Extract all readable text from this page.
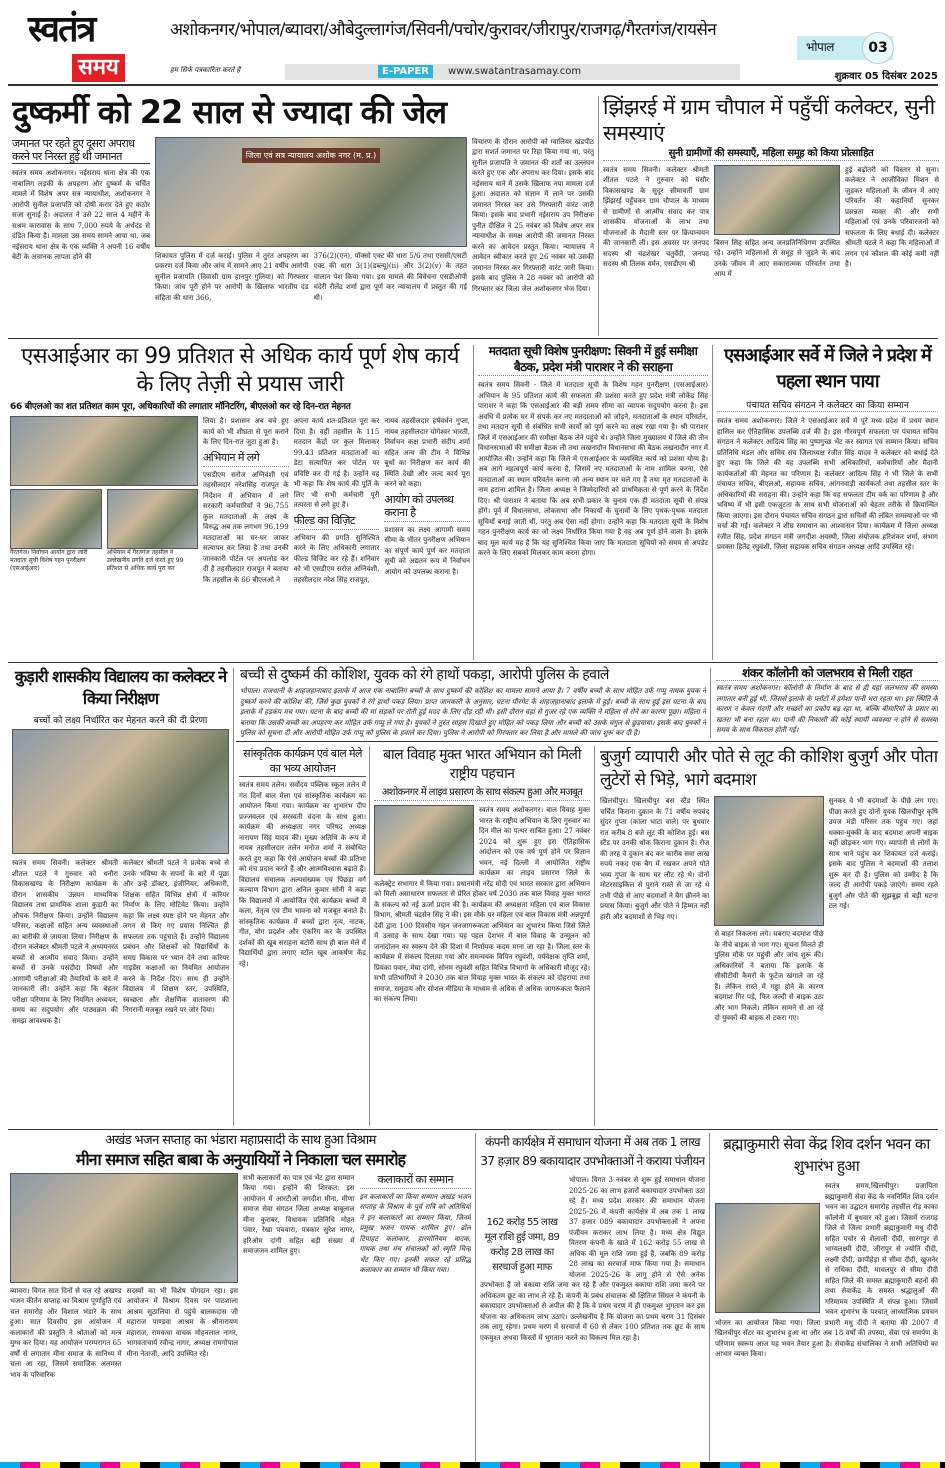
स्वतंत्र
समय
अशोकनगर/भोपाल/ब्यावरा/औबेदुल्लागंज/सिवनी/पचोर/कुरावर/जीरापुर/राजगढ़/गैरतगंज/रायसेन
हम सिर्फ पत्रकारिता करते है	E-PAPER	www.swatantrasamay.com
भोपाल	03
शुक्रवार 05 दिसंबर 2025
दुष्कर्मी को 22 साल से ज्यादा की जेल
जमानत पर रहते हुए दूसरा अपराध करने पर निरस्त हुई थी जमानत
स्वतंत्र समय अशोकनगर। नईसराय थाना क्षेत्र की एक नाबालिग लड़की के अपहरण और दुष्कर्म के चर्चित मामले में विशेष अपर सत्र न्यायाधीश, अशोकनगर ने आरोपी सुनील प्रजापति को दोषी करार देते हुए कठोर सजा सुनाई है। अदालत ने उसे 22 साल 4 महीने के सश्रम कारावास के साथ 7,000 रुपये के अर्थदंड से दंडित किया है। मामला उस समय सामने आया था, जब नईसराय थाना क्षेत्र के एक व्यक्ति ने अपनी 16 वर्षीय बेटी के अचानक लापता होने की
जिला एवं सत्र न्यायालय अशोक नगर (म. प्र.)
शिकायत पुलिस में दर्ज कराई। पुलिस ने तुरंत अपहरण का प्रकरण दर्ज किया और जांच में सामने आए 21 वर्षीय आरोपी सुनील प्रजापति (निवासी ग्राम हानपुर गुलिया) को गिरफ्तार किया। जांच पूरी होने पर आरोपी के खिलाफ भारतीय दंड संहिता की धारा 366,
376(2)(एन), पॉक्सो एक्ट की धारा 5/6 तथा एससी/एसटी एक्ट की धारा 3(1)(डब्ल्यू)(ii) और 3(2)(v) के तहत चालान पेश किया गया। इस मामले की विवेचना एसडीओपी चंदेरी रौलेंद्र शर्मा द्वारा पूर्ण कर न्यायालय में प्रस्तुत की गई थी।
विचारण के दौरान आरोपी को ग्वालियर खंडपीठ द्वारा सशर्त जमानत पर रिहा किया गया था, परंतु सुनील प्रजापति ने जमानत की शर्तों का उल्लंघन करते हुए एक और अपराध कर दिया। इसके बाद नईसराय थाने में उसके खिलाफ नया मामला दर्ज हुआ। अदालत को संज्ञान में लाने पर उसकी जमानत निरस्त कर उसे गिरफ्तारी वारंट जारी किया। इसके बाद प्रभारी नईसराय उप निरीक्षक पुनीत दीक्षित ने 25 नवंबर को विशेष अपर सत्र न्यायाधीश के समक्ष आरोपी की जमानत निरस्त करने का आवेदन प्रस्तुत किया। न्यायालय ने आवेदन स्वीकार करते हुए 26 नवंबर को उसकी जमानत निरस्त कर गिरफ्तारी वारंट जारी किया। इसके बाद पुलिस ने 28 नवंबर को आरोपी को गिरफ्तार कर जिला जेल अशोकनगर भेज दिया।
झिंझरई में ग्राम चौपाल में पहुँचीं कलेक्टर, सुनी समस्याएं
सुनी ग्रामीणों की समस्याएँ, महिला समूह को किया प्रोत्साहित
स्वतंत्र समय सिवनी। कलेक्टर श्रीमती शीतल पटले ने गुरुवार को घंसौर विकासखण्ड के सुदूर सीमावर्ती ग्राम झिंझरई पहुँचकर ग्राम चौपाल के माध्यम से ग्रामीणों से आत्मीय संवाद कर पात्र शासकीय योजनाओं के लाभ तथा योजनाओं के मैदानी स्तर पर क्रियान्वयन की जानकारी ली। इस अवसर पर जनपद सदस्य श्री चंद्रशेखर चतुर्वेदी, जनपद सदस्य श्री तिलक वर्मन, एसडीएम श्री
बिसन सिंह सहित अन्य जनप्रतिनिधिगण उपस्थित रहे। उन्होंने महिलाओं से समूह से जुड़ने के बाद उनके जीवन में आए सकारात्मक परिवर्तन तथा आय में
हुई बढ़ोतरी को विस्तार से सुना। कलेक्टर ने आजीविका मिशन से जुड़कर महिलाओं के जीवन में आए परिवर्तन की कहानियाँ सुनकर प्रसन्नता व्यक्त की और सभी महिलाओं एवं उनके परिवारजनों को सफलता के लिए बधाई दी। कलेक्टर श्रीमती पटले ने कहा कि महिलाओं में लगन एवं कौशल की कोई कमी नहीं है।
एसआईआर का 99 प्रतिशत से अधिक कार्य पूर्ण शेष कार्य के लिए तेज़ी से प्रयास जारी
66 बीएलओ का शत प्रतिशत काम पूरा, अधिकारियों की लगातार मॉनिटरिंग, बीएलओ कर रहे दिन-रात मेहनत
गैरतगंज। निर्वाचन आयोग द्वारा जारी मतदाता सूची विशेष गहन पुनरीक्षण (एसआईआर)
अभियान में गैरतगंज तहसील ने उल्लेखनीय प्रगति दर्ज करते हुए 99 प्रतिशत से अधिक कार्य पूरा कर
लिया है। प्रशासन अब बचे हुए कार्य को भी शीघ्रता से पूरा कराने के लिए दिन-रात जुटा हुआ है।
अभियान में लगे
एसडीएम सरोज अग्निवंशी एवं तहसीलदार नरेशसिंह राजपूत के निर्देशन में अभियान में लगे सरकारी कर्मचारियों ने 96,755 कुल मतदाताओं के लक्ष्य के विरुद्ध अब तक लगभग 96,199 मतदाताओं का घर-घर जाकर सत्यापन कर लिया है तथा उनकी जानकारी पोर्टल पर अपलोड कर दी है तहसीलदार राजपूत ने बताया कि तहसील के 66 बीएलओ ने
अपना कार्य शत-प्रतिशत पूरा कर दिया है। वहीं तहसील के 115 मतदान केंद्रों पर कुल मिलाकर 99.43 प्रतिशत मतदाताओं का डेटा सत्यापित कर पोर्टल पर प्रविष्टि कर दी गई है। उन्होंने यह भी कहा कि शेष कार्य की पूर्ति के लिए भी सभी कर्मचारी पूरी तत्परता से लगे हुए हैं।
फील्ड का विज़िट
अभियान की प्रगति सुनिश्चित करने के लिए अधिकारी लगातार फील्ड विजिट कर रहे हैं। शनिवार को भी एसडीएम सरोज अग्निवंशी, तहसीलदार नरेश सिंह राजपूत,
नायब तहसीलदार हर्षवर्धन गुप्ता, नायब तहसीलदार योगेश्वर भारती, निर्वाचन कक्ष प्रभारी संदीप शर्मा सहित अन्य की टीम ने विभिन्न बूथों का निरीक्षण कर कार्य की स्थिति देखी और जल्द कार्य पूरा करने को कहा।
आयोग को उपलब्ध कराना है
प्रशासन का लक्ष्य आगामी समय सीमा के भीतर पुनरीक्षण अभियान का संपूर्ण कार्य पूर्ण कर मतदाता सूची को अद्यतन रूप में निर्वाचन आयोग को उपलब्ध कराना है।
मतदाता सूची विशेष पुनरीक्षण: सिवनी में हुई समीक्षा बैठक, प्रदेश मंत्री पाराशर ने की सराहना
स्वतंत्र समय सिवनी - जिले में मतदाता सूची के विशेष गहन पुनरीक्षण (एसआईआर) अभियान के 95 प्रतिशत कार्य की सफलता की प्रशंसा करते हुए प्रदेश मंत्री लोकेंद्र सिंह पाराशर ने कहा कि एसआईआर की बड़ी समय सीमा का व्यापक सदुपयोग करना है। इस अवधि में प्रत्येक घर में संपर्क कर नए मतदाताओं को जोड़ने, मतदाताओं के स्थान परिवर्तन, तथा मतदान सूची से संबंधित सभी कार्यों को पूर्ण करने का लक्ष्य रखा गया है। श्री पाराशर जिले में एसआईआर की समीक्षा बैठक लेने पहुंचे थे। उन्होंने जिला मुख्यालय में जिले की तीन विधानसभाओं की समीक्षा बैठक ली तथा लखनादौन विधानसभा की बैठक लखनादौन नगर में आयोजित की। उन्होंने कहा कि जिले में एसआईआर के व्यवस्थित कार्य को प्रशंसा योग्य है। अब आगे महत्वपूर्ण कार्य करना है, जिसमें नए मतदाताओं के नाम शामिल करना, ऐसे मतदाताओं का स्थान परिवर्तन करना जो अन्य स्थान पर चले गए हैं तथा मृत मतदाताओं के नाम हटाना शामिल है। जिला अध्यक्ष ने जिम्मेदारियों को प्राथमिकता से पूर्ण करने के निर्देश दिए। श्री पाराशर ने बताया कि अब सभी प्रकार के चुनाव एक ही मतदाता सूची से संपन्न होंगे। पूर्व में विधानसभा, लोकसभा और निकायों के चुनावों के लिए पृथक-पृथक मतदाता सूचियाँ बनाई जाती थीं, परंतु अब ऐसा नहीं होगा। उन्होंने कहा कि मतदाता सूची के विशेष गहन पुनरीक्षण कार्य का जो लक्ष्य निर्धारित किया गया है वह अब पूर्ण होने वाला है। इसके बाद मूल कार्य यह है कि यह सुनिश्चित किया जाए कि मतदाता सूचियों को समय से अपडेट करने के लिए सबको मिलकर काम करना होगा।
एसआईआर सर्वे में जिले ने प्रदेश में पहला स्थान पाया
पंचायत सचिव संगठन ने कलेक्टर का किया सम्मान
स्वतंत्र समय अशोकनगर। जिले ने एसआईआर सर्वे में पूरे मध्य प्रदेश में प्रथम स्थान हासिल कर ऐतिहासिक उपलब्धि दर्ज की है। इस गौरवपूर्ण सफलता पर पंचायत सचिव संगठन ने कलेक्टर आदित्य सिंह का पुष्पगुच्छ भेंट कर स्वागत एवं सम्मान किया। सचिव प्रतिनिधि मंडल और सचिव संघ जिलाध्यक्ष रंजीत सिंह यादव ने कलेक्टर को बधाई देते हुए कहा कि जिले की यह उपलब्धि सभी अधिकारियों, कर्मचारियों और मैदानी कार्यकर्ताओं की मेहनत का परिणाम है। कलेक्टर आदित्य सिंह ने भी जिले के सभी पंचायत सचिव, बीएलओ, सहायक सचिव, आंगनवाड़ी कार्यकर्ता तथा तहसील स्तर के अधिकारियों की सराहना की। उन्होंने कहा कि यह सफलता टीम वर्क का परिणाम है और भविष्य में भी इसी एकजुटता के साथ सभी योजनाओं को बेहतर तरीके से क्रियान्वित किया जाएगा। इस दौरान पंचायत सचिव संगठन द्वारा सचिवों की लंबित समस्याओं पर भी चर्चा की गई। कलेक्टर ने शीघ्र समाधान का आश्वासन दिया। कार्यक्रम में जिला अध्यक्ष रंजीत सिंह, प्रदेश संगठन मंत्री जगदीश अवस्थी, जिला संयोजक हरिशंकर शर्मा, संभाग प्रवक्ता हितेंद्र रघुवंशी, जिला सहायक सचिव संगठन अध्यक्ष आदि उपस्थित रहे।
कुड़ारी शासकीय विद्यालय का कलेक्टर ने किया निरीक्षण
बच्चों को लक्ष्य निर्धारित कर मेहनत करने की दी प्रेरणा
स्वतंत्र समय सिवनी। कलेक्टर श्रीमती शीतल पटले ने गुरुवार को धनौरा विकासखण्ड के निरीक्षण कार्यक्रम के दौरान शासकीय उन्नयन माध्यमिक विद्यालय तथा प्राथमिक शाला कुड़ारी का औचक निरीक्षण किया। उन्होंने विद्यालय परिसर, कक्षाओं सहित अन्य व्यवस्थाओं का बारीकी से जायजा लिया। निरीक्षण के दौरान कलेक्टर श्रीमती पटले ने अध्ययनरत बच्चों से आत्मीय संवाद किया। उन्होंने बच्चों से उनके पसंदीदा विषयों और आगामी परीक्षाओं की तैयारियों के बारे में जानकारी ली। उन्होंने कहा कि बेहतर परीक्षा परिणाम के लिए नियमित अध्ययन, समय का सदुपयोग और पाठ्यक्रम की समझ आवश्यक है।
कलेक्टर श्रीमती पटले ने प्रत्येक बच्चे से उनके भविष्य के सपनों के बारे में पूछा और उन्हें डॉक्टर, इंजीनियर, अधिकारी, शिक्षक सहित विभिन्न क्षेत्रों में करियर निर्माण के लिए मोटिवेट किया। उन्होंने कहा कि लक्ष्य स्पष्ट होने पर मेहनत और लगन से किए गए प्रयास निश्चित ही सफलता तक पहुंचाते हैं। उन्होंने विद्यालय प्रबंधन और शिक्षकों को विद्यार्थियों के समग्र विकास पर ध्यान देने तथा करियर गाइडेंस कक्षाओं का नियमित आयोजन करने के निर्देश दिए। साथ ही उन्होंने विद्यालय में शिक्षण स्तर, उपस्थिति, स्वच्छता और शैक्षणिक वातावरण की निगरानी मजबूत रखने पर जोर दिया।
बच्ची से दुष्कर्म की कोशिश, युवक को रंगे हाथों पकड़ा, आरोपी पुलिस के हवाले
भोपाल। राजधानी के शाहजहानाबाद इलाके में आज एक नाबालिग बच्ची के साथ दुष्कर्म की कोशिश का मामला सामने आया है। 7 वर्षीय बच्ची के साथ मोहित उर्फ गप्पू नामक युवक ने दुष्कर्म करने की कोशिश की, जिसे कुछ युवकों ने रंगे हाथों पकड़ लिया। प्राप्त जानकारी के अनुसार, घटना पीरगेट के शाहजहानाबाद इलाके में हुई। बच्ची के साथ हुई इस घटना के बाद इलाके में हड़कंप मच गया। घटना के बाद बच्ची की मां सड़कों पर रोती हुई मदद के लिए दौड़ रही थी। इसी दौरान वहां से गुजर रहे एक व्यक्ति ने महिला से रोने का कारण पूछा। महिला ने बताया कि उसकी बच्ची का अपहरण कर मोहित उर्फ गप्पू ले गया है। युवकों ने तुरंत साहस दिखाते हुए मोहित को पकड़ लिया और बच्ची को उसके चंगुल से छुड़वाया। इसके बाद युवकों ने पुलिस को सूचना दी और आरोपी मोहित उर्फ गप्पू को पुलिस के हवाले कर दिया। पुलिस ने आरोपी को गिरफ्तार कर लिया है और मामले की जांच शुरू कर दी है।
शंकर कॉलोनी को जलभराव से मिली राहत
स्वतंत्र समय अशोकनगर। कॉलोनी के निर्माण के बाद से ही यहां जलभराव की समस्या लगातार बनी हुई थी, जिससे इलाके के प्लॉटों में हमेशा पानी भरा रहता था। इस स्थिति के कारण न केवल गंदगी और मच्छरों का प्रकोप बढ़ रहा था, बल्कि बीमारियों के प्रसार का खतरा भी बना रहता था। पानी की निकासी की कोई स्थायी व्यवस्था न होने से समस्या समय के साथ विकराल होती गई।
सांस्कृतिक कार्यक्रम एवं बाल मेले का भव्य आयोजन
स्वतंत्र समय तलेन। सर्वोदय पब्लिक स्कूल तलेन में गत दिनों बाल मेला एवं सांस्कृतिक कार्यक्रम का आयोजन किया गया। कार्यक्रम का शुभारंभ दीप प्रज्जवलन एवं सरस्वती वंदना के साथ हुआ। कार्यक्रम की अध्यक्षता नगर परिषद अध्यक्ष नारायण सिंह यादव की। मुख्य अतिथि के रूप में नायब तहसीलदार तलेन मनोज शर्मा ने संबोधित करते हुए कहा कि ऐसे आयोजन बच्चों की प्रतिभा को मंच प्रदान करते हैं और आत्मविश्वास बढ़ाते हैं। विद्यालय संचालक अल्पसंख्यक एवं पिछड़ा वर्ग कल्याण विभाग द्वारा अनिल कुमार सोनी ने कहा कि विद्यालयों में आयोजित ऐसे कार्यक्रम बच्चों में कला, नेतृत्व एवं टीम भावना को मजबूत बनाते हैं। सांस्कृतिक कार्यक्रम में बच्चों द्वारा नृत्य, नाटक, गीत, योग प्रदर्शन और एंकरिंग कर के उपस्थित दर्शकों की खूब सराहना बटोरी साथ ही बाल मेले में विद्यार्थियों द्वारा लगाए स्टॉल खूब आकर्षण केंद्र रहे।
बाल विवाह मुक्त भारत अभियान को मिली राष्ट्रीय पहचान
अशोकनगर में लाइव प्रसारण के साथ संकल्प हुआ और मजबूत
स्वतंत्र समय अशोकनगर। बाल विवाह मुक्त भारत के राष्ट्रीय अभियान के लिए गुरुवार का दिन मील का पत्थर साबित हुआ। 27 नवंबर 2024 को शुरू हुए इस ऐतिहासिक आंदोलन को एक वर्ष पूर्ण होने पर विज्ञान भवन, नई दिल्ली में आयोजित राष्ट्रीय कार्यक्रम का लाइव प्रसारण जिले के कलेक्ट्रेट सभागार में किया गया। प्रधानमंत्री नरेंद्र मोदी एवं भारत सरकार द्वारा अभियान को मिली असाधारण सफलता से प्रेरित होकर वर्ष 2030 तक बाल विवाह मुक्त भारत के संकल्प को नई ऊर्जा प्रदान की है। कार्यक्रम की अध्यक्षता महिला एवं बाल विकास विभाग, श्रीमती चंद्रसेन सिंह ने की। इस मौके पर महिला एवं बाल विकास मंत्री अन्नपूर्णा देवी द्वारा 100 दिवसीय गहन जनजागरूकता अभियान का शुभारंभ किया जिसे जिले में उत्साह के साथ देखा गया। यह पहल देशभर में बाल विवाह के उन्मूलन को जनांदोलन का स्वरूप देने की दिशा में निर्णायक कदम माना जा रहा है। जिला स्तर के कार्यक्रम में संकल्प दिलाया गया और समन्वयक विपिन रघुवंशी, पर्यवेक्षक तृप्ति शर्मा, प्रियंका पवार, मेघा दांगी, सोनम रघुवंशी सहित विभिन्न विभागों के अधिकारी मौजूद रहे। सभी प्रतिभागियों ने 2030 तक बाल विवाह मुक्त भारत के संकल्प को दोहराया तथा समाज, समुदाय और सोशल मीडिया के माध्यम से अधिक से अधिक जागरूकता फैलाने का संकल्प लिया।
बुजुर्ग व्यापारी और पोते से लूट की कोशिश बुजुर्ग और पोता लुटेरों से भिड़े, भागे बदमाश
खिलचीपुर। खिलचीपुर बस स्टैंड स्थित चर्चित किराना दुकान के 71 वर्षीय रुपचंद सुंदर गुप्ता (काला भाटा वाले) पर बुधवार रात करीब 8 बजे लूट की कोशिश हुई। बस स्टैंड पर उनकी थोक किराना दुकान है। रोज की तरह वे दुकान बंद कर कारीब सवा लाख रुपये नकद एक बैग में रखकर अपने पोते भव्य गुप्ता के साथ घर लौट रहे थे। दोनों मोटरसाइकिल से पुराने रास्ते से जा रहे थे तभी पीछे से आए बदमाशों ने बैग छीनने का प्रयास किया। बुजुर्ग और पोते ने हिम्मत नहीं हारी और बदमाशों से भिड़ गए।
से बाहर निकलना लगे। घबराए बदमाश पीछे के नीचे बाइक से भाग गए। सूचना मिलते ही पुलिस मौके पर पहुंची और जांच शुरू की। अधिकारियों ने बताया कि इलाके के सीसीटीवी कैमरों के फुटेज खंगाले जा रहे हैं। लेकिन रास्ते में गड्ढा होने के कारण बदमाश गिर पड़े, फिर जल्दी से बाइक उठा और भाग निकले। लेकिन सामने से आ रहे दो युवकों की बाइक से टकरा गए।
सुनकर वे भी बदमाशों के पीछे लग गए। पीछा करते हुए दोनों युवक खिलचीपुर कृषि उपज मंडी परिसर तक पहुंच गए। जहां धक्का-मुक्की के बाद बदमाश अपनी बाइक वहीं छोड़कर भाग गए। व्यापारी से लोगों के साथ थाने पहुंच कर शिकायत दर्ज कराई। इसके बाद पुलिस ने बदमाशों की तलाश शुरू कर दी है। पुलिस को उम्मीद है कि जल्द ही आरोपी पकड़े जाएंगे। समय रहते बुजुर्ग और पोते की सूझबूझ से बड़ी घटना टल गई।
अखंड भजन सप्ताह का भंडारा महाप्रसादी के साथ हुआ विश्राम
मीना समाज सहित बाबा के अनुयायियों ने निकाला चल समारोह
ब्यावरा। विगत सात दिनों से चल रहे अखण्ड भजन कीर्तन सप्ताह का विश्राम पूर्णाहुति एवं चल समारोह और विशाल भंडारे के साथ हुआ। सात दिवसीय इस आयोजन में कलाकारों की प्रस्तुति ने श्रोताओं को मन्त्र मुग्ध कर दिया। यह आयोजन परम्परागत 65 वर्षों से लगातार मीना समाज के सानिध्य में चला आ रहा, जिसमें समाजिक अलमस्त भाव के परिवारिक
सदस्यों का भी विशेष योगदान रहा। इस आयोजन में विश्राम दिवस पर पाठशाला आश्रम सुठालिया से पहुंचे बालकदास जी महाराज पाण्डवा आश्रम के श्रीनारायण महाराज, रामकथा वाचक मोहनलाल नागर, भागवताचार्य रवीन्द्र नागर, अध्यक्ष रामगोपाल मीना नेताजी, आदि उपस्थित रहे।
सभी कलाकारों का पात्र एवं भेंट द्वारा सम्मान किया गया। इन्होंने की शिरकत: इस आयोजन में आरटीओ जगदीश मीना, मीणा समाज सेवा संगठन जिला अध्यक्ष बाबूलाल मीना कुराबर, विधायक प्रतिनिधि मोहन पंवार, रेखा पचवारा, पत्रकार सुरेश नागर, हरिओम दांगी सहित बड़ी संख्या में समाजजन शामिल हुए।
कलाकारों का सम्मान
इन कलाकारों का किया सम्मान अखंड भजन सप्ताह के विश्राम के पूर्व रात्रि को अतिथियों ने इन कलाकारों का सम्मान किया, जिनमें प्रमुख भजन गायक शामिल हुए। ढोल टिपाहट कलाकार, हारमोनियम वादक, गायक तथा मंच संचालकों को स्मृति चिन्ह भेंट किए गए। इनकी सफल रहे प्रसिद्ध कलाकार का सम्मान भी किया गया।
कंपनी कार्यक्षेत्र में समाधान योजना में अब तक 1 लाख 37 हज़ार 89 बकायादार उपभोक्ताओं ने कराया पंजीयन
162 करोड़ 55 लाख मूल राशि हुई जमा, 89 करोड़ 28 लाख का सरचार्ज हुआ माफ
भोपाल। विगत 3 नवंबर से शुरू हुई समाधान योजना 2025-26 का लाभ हजारों बकायादार उपभोक्ता उठा रहे हैं। मध्य प्रदेश सरकार की समाधान योजना 2025-26 में कंपनी कार्यक्षेत्र में अब तक 1 लाख 37 हजार 089 बकायादार उपभोक्ताओं ने अपना पंजीयन कराकर लाभ लिया है। मध्य क्षेत्र विद्युत वितरण कंपनी के खाते में 162 करोड़ 55 लाख से अधिक की मूल राशि जमा हुई है, जबकि 89 करोड़ 28 लाख का सरचार्ज माफ किया गया है। समाधान योजना 2025-26 के लागू होने से ऐसे अनेक उपभोक्ता हैं जो बकाया राशि जमा कर रहे हैं और एकमुश्त बकाया राशि जमा करने पर अधिकतम छूट का लाभ ले रहे हैं। कंपनी के प्रबंध संचालक श्री क्षितिज सिंघल ने कंपनी के बकायादार उपभोक्ताओं से अपील की है कि वे प्रथम चरण में ही एकमुश्त भुगतान कर इस योजना का अधिकतम लाभ उठाएं। उल्लेखनीय है कि योजना का प्रथम चरण 31 दिसंबर तक लागू रहेगा। प्रथम चरण में सरचार्ज में 60 से लेकर 100 प्रतिशत तक छूट के साथ एकमुश्त अथवा किस्तों में भुगतान करने का विकल्प मिल रहा है।
ब्रह्माकुमारी सेवा केंद्र शिव दर्शन भवन का शुभारंभ हुआ
स्वतंत्र समय,खिलचीपुर। प्रजापिता ब्रह्माकुमारी सेवा केंद्र के नवनिर्मित शिव दर्शन भवन का उद्घाटन समारोह तहसील रोड़ काका कॉलोनी में बुधवार को हुआ। जिसमें राजगढ़ जिले से जिला प्रभारी ब्रह्माकुमारी मधु दीदी सहित पचोर से शैलाली दीदी, सारंगपुर से भाग्यलक्ष्मी दीदी, जीरापुर से ज्योति दीदी, लक्ष्मी दीदी, छापीहेड़ा से सीमा दीदी, खुजनेर से राधिका दीदी, माचलपुर से सीमा दीदी सहित जिले की समस्त ब्रह्माकुमारी बहनों की तथा सेवाकेंद्र के समस्त श्रद्धालुओं की गरिमामय उपस्थिति में संपन्न हुआ। जिसमें भवन शुभारंभ के पश्चात् आध्यात्मिक प्रवचन भोजन का आयोजन किया गया। जिला प्रभारी मधु दीदी ने बताया की 2007 में खिलचीपुर सेंटर का शुभारंभ हुआ था और अब 18 वर्षों की तपस्या, सेवा एवं समर्पण के परिणाम स्वरूप आज यह भवन तैयार हुआ है। सेवाकेंद्र संचालिका ने सभी अतिथियों का आभार व्यक्त किया।
